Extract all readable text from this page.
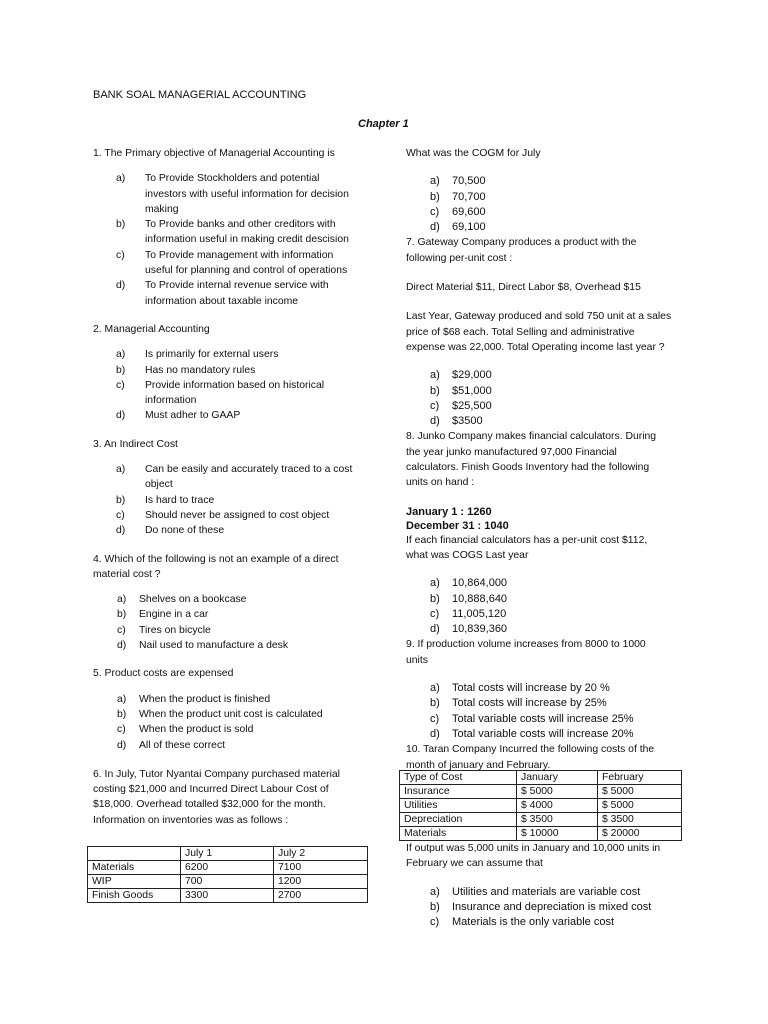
BANK SOAL MANAGERIAL ACCOUNTING
Chapter 1

1. The Primary objective of Managerial Accounting is

a) To Provide Stockholders and potential
investors with useful information for decision
making
b) To Provide banks and other creditors with
information useful in making credit descision
c) To Provide management with information
useful for planning and control of operations
d) To Provide internal revenue service with
information about taxable income

2. Managerial Accounting

a) Is primarily for external users
b) Has no mandatory rules
c) Provide information based on historical
information
d) Must adher to GAAP

3. An Indirect Cost

a) Can be easily and accurately traced to a cost
object
b) Is hard to trace
c) Should never be assigned to cost object
d) Do none of these

4. Which of the following is not an example of a direct
material cost ?

a) Shelves on a bookcase
b) Engine in a car
c) Tires on bicycle
d) Nail used to manufacture a desk

5. Product costs are expensed

a) When the product is finished
b) When the product unit cost is calculated
c) When the product is sold
d) All of these correct

6. In July, Tutor Nyantai Company purchased material
costing $21,000 and Incurred Direct Labour Cost of
$18,000. Overhead totalled $32,000 for the month.
Information on inventories was as follows :

	July 1	July 2
Materials	6200	7100
WIP	700	1200
Finish Goods	3300	2700

What was the COGM for July

a) 70,500
b) 70,700
c) 69,600
d) 69,100

7. Gateway Company produces a product with the
following per-unit cost :

Direct Material $11, Direct Labor $8, Overhead $15

Last Year, Gateway produced and sold 750 unit at a sales
price of $68 each. Total Selling and administrative
expense was 22,000. Total Operating income last year ?

a) $29,000
b) $51,000
c) $25,500
d) $3500

8. Junko Company makes financial calculators. During
the year junko manufactured 97,000 Financial
calculators. Finish Goods Inventory had the following
units on hand :

January 1 : 1260

December 31 : 1040

If each financial calculators has a per-unit cost $112,
what was COGS Last year

a) 10,864,000
b) 10,888,640
c) 11,005,120
d) 10,839,360

9. If production volume increases from 8000 to 1000
units

a) Total costs will increase by 20 %
b) Total costs will increase by 25%
c) Total variable costs will increase 25%
d) Total variable costs will increase 20%

10. Taran Company Incurred the following costs of the
month of january and February.

Type of Cost	January	February
Insurance	$ 5000	$ 5000
Utilities	$ 4000	$ 5000
Depreciation	$ 3500	$ 3500
Materials	$ 10000	$ 20000

If output was 5,000 units in January and 10,000 units in
February we can assume that

a) Utilities and materials are variable cost
b) Insurance and depreciation is mixed cost
c) Materials is the only variable cost
